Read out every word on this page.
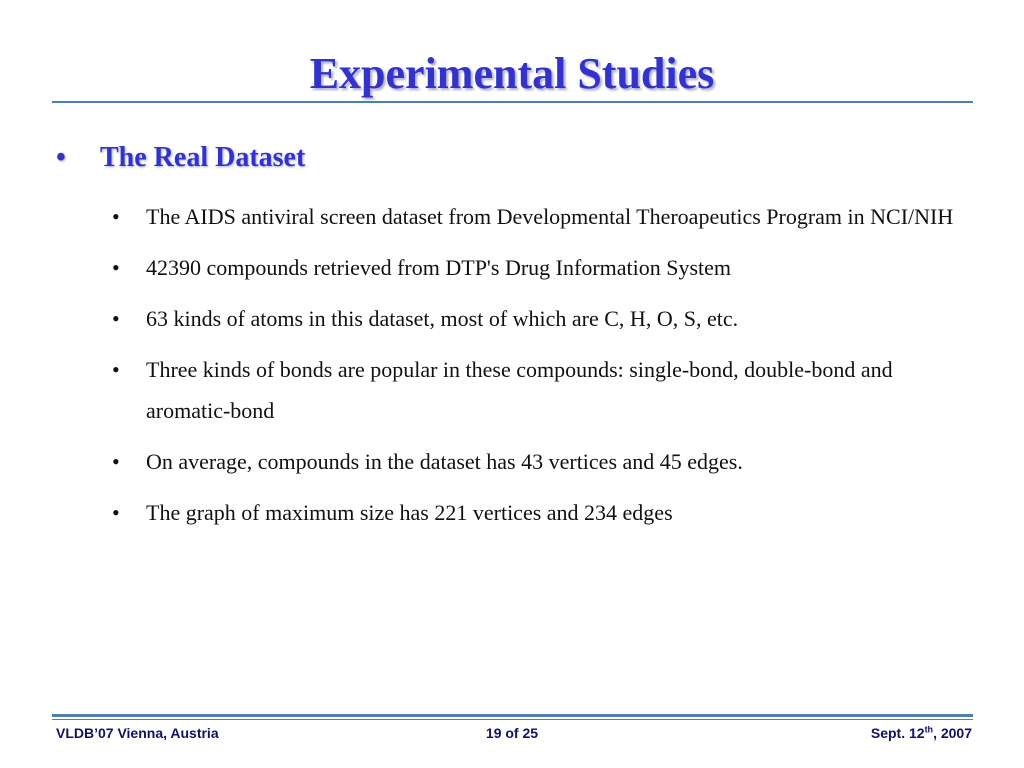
Experimental Studies
• The Real Dataset
• The AIDS antiviral screen dataset from Developmental Theroapeutics Program in NCI/NIH
• 42390 compounds retrieved from DTP's Drug Information System
• 63 kinds of atoms in this dataset, most of which are C, H, O, S, etc.
• Three kinds of bonds are popular in these compounds: single-bond, double-bond and aromatic-bond
• On average, compounds in the dataset has 43 vertices and 45 edges.
• The graph of maximum size has 221 vertices and 234 edges
VLDB’07 Vienna, Austria	19 of 25	Sept. 12th, 2007
